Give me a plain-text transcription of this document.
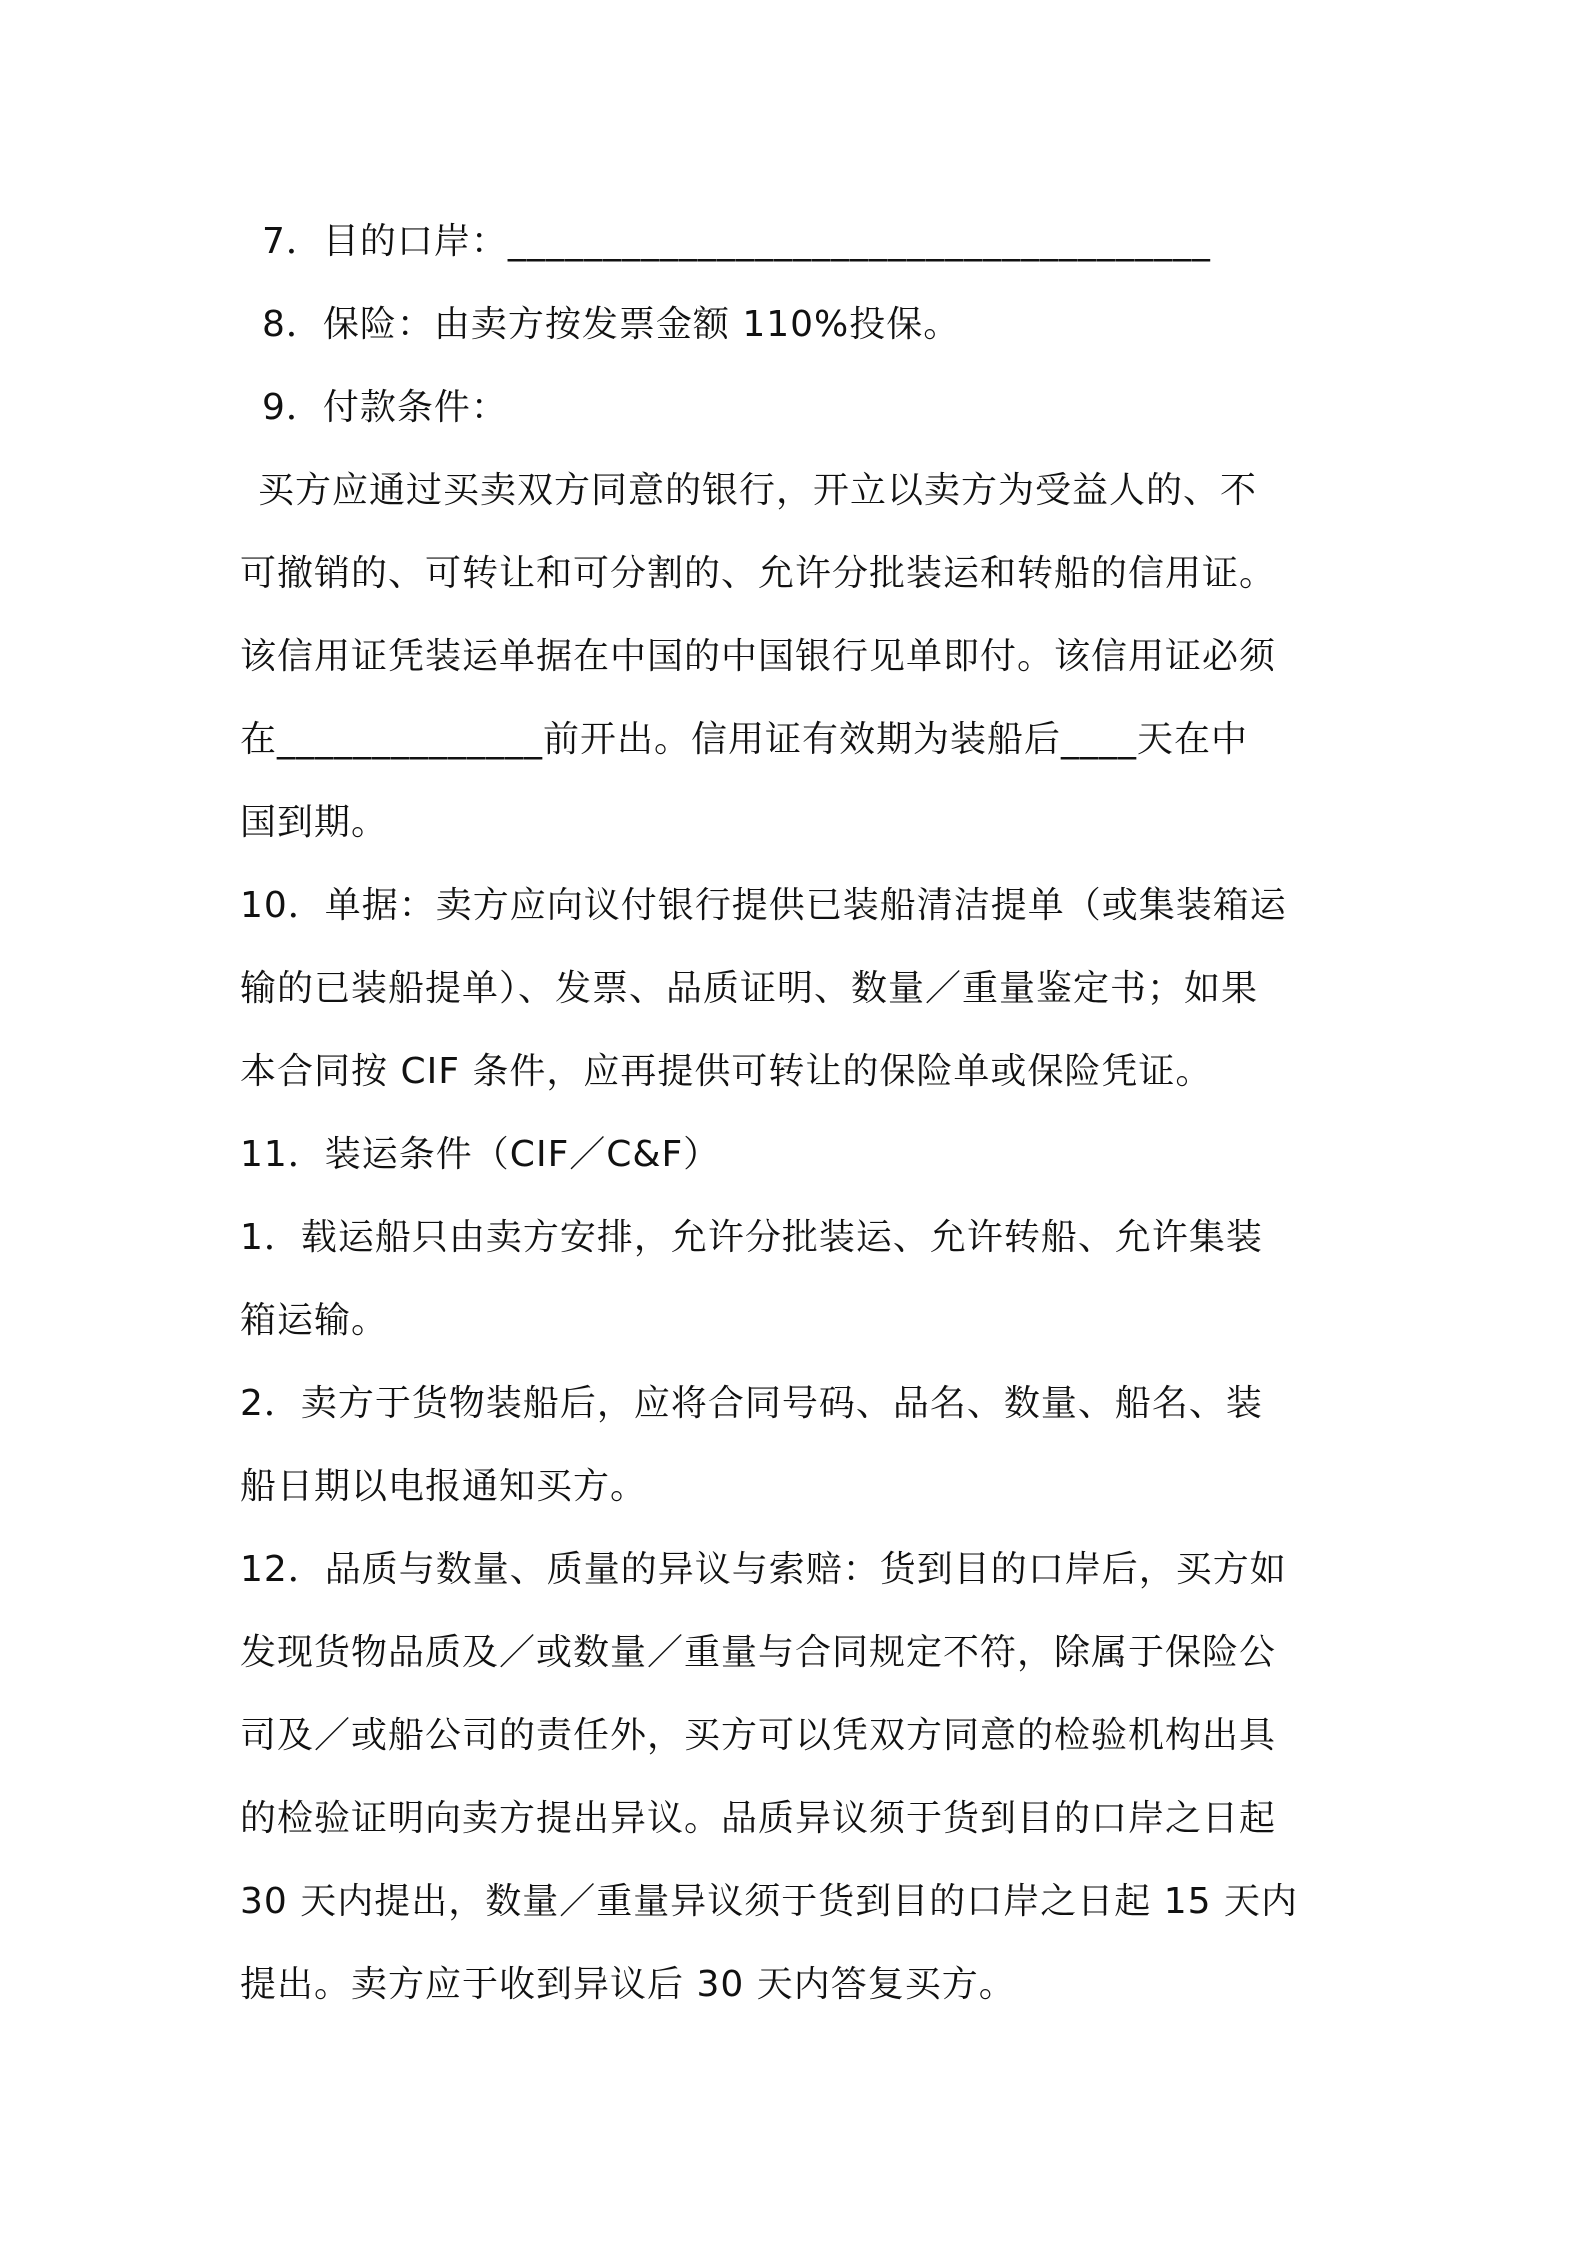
7．目的口岸：_____________________________________
8．保险：由卖方按发票金额 110%投保。
9．付款条件：
买方应通过买卖双方同意的银行，开立以卖方为受益人的、不
可撤销的、可转让和可分割的、允许分批装运和转船的信用证。
该信用证凭装运单据在中国的中国银行见单即付。该信用证必须
在______________前开出。信用证有效期为装船后____天在中
国到期。
10．单据：卖方应向议付银行提供已装船清洁提单（或集装箱运
输的已装船提单）、发票、品质证明、数量／重量鉴定书；如果
本合同按 CIF 条件，应再提供可转让的保险单或保险凭证。
11．装运条件（CIF／C&F）
1．载运船只由卖方安排，允许分批装运、允许转船、允许集装
箱运输。
2．卖方于货物装船后，应将合同号码、品名、数量、船名、装
船日期以电报通知买方。
12．品质与数量、质量的异议与索赔：货到目的口岸后，买方如
发现货物品质及／或数量／重量与合同规定不符，除属于保险公
司及／或船公司的责任外，买方可以凭双方同意的检验机构出具
的检验证明向卖方提出异议。品质异议须于货到目的口岸之日起
30 天内提出，数量／重量异议须于货到目的口岸之日起 15 天内
提出。卖方应于收到异议后 30 天内答复买方。
